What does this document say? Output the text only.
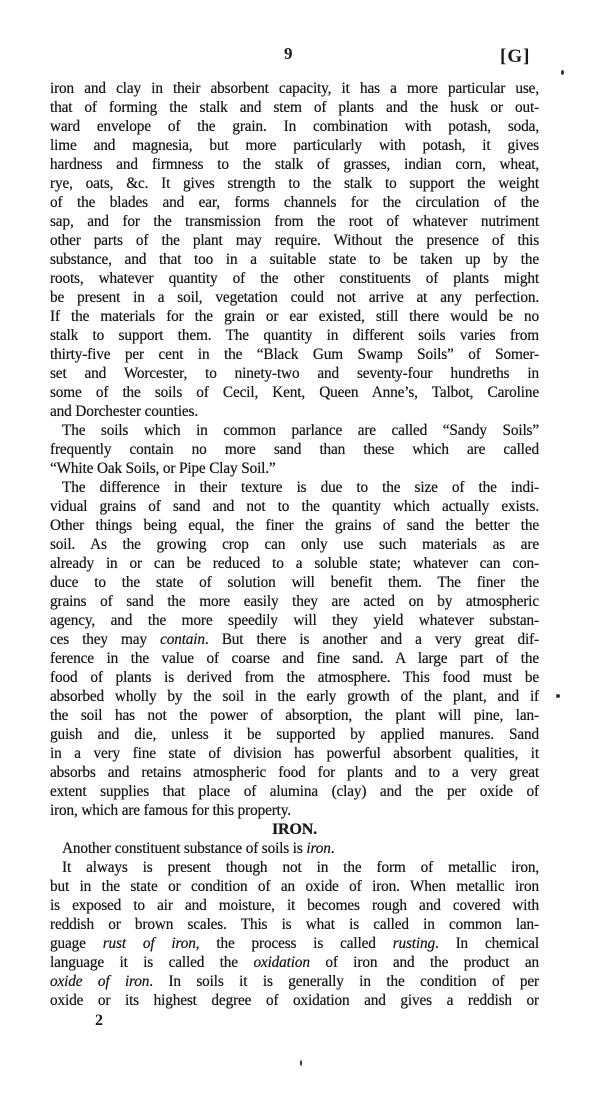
9	[G]
iron and clay in their absorbent capacity, it has a more particular use,
that of forming the stalk and stem of plants and the husk or out-
ward envelope of the grain. In combination with potash, soda,
lime and magnesia, but more particularly with potash, it gives
hardness and firmness to the stalk of grasses, indian corn, wheat,
rye, oats, &c. It gives strength to the stalk to support the weight
of the blades and ear, forms channels for the circulation of the
sap, and for the transmission from the root of whatever nutriment
other parts of the plant may require. Without the presence of this
substance, and that too in a suitable state to be taken up by the
roots, whatever quantity of the other constituents of plants might
be present in a soil, vegetation could not arrive at any perfection.
If the materials for the grain or ear existed, still there would be no
stalk to support them. The quantity in different soils varies from
thirty-five per cent in the “Black Gum Swamp Soils” of Somer-
set and Worcester, to ninety-two and seventy-four hundreths in
some of the soils of Cecil, Kent, Queen Anne’s, Talbot, Caroline
and Dorchester counties.
The soils which in common parlance are called “Sandy Soils”
frequently contain no more sand than these which are called
“White Oak Soils, or Pipe Clay Soil.”
The difference in their texture is due to the size of the indi-
vidual grains of sand and not to the quantity which actually exists.
Other things being equal, the finer the grains of sand the better the
soil. As the growing crop can only use such materials as are
already in or can be reduced to a soluble state; whatever can con-
duce to the state of solution will benefit them. The finer the
grains of sand the more easily they are acted on by atmospheric
agency, and the more speedily will they yield whatever substan-
ces they may contain. But there is another and a very great dif-
ference in the value of coarse and fine sand. A large part of the
food of plants is derived from the atmosphere. This food must be
absorbed wholly by the soil in the early growth of the plant, and if
the soil has not the power of absorption, the plant will pine, lan-
guish and die, unless it be supported by applied manures. Sand
in a very fine state of division has powerful absorbent qualities, it
absorbs and retains atmospheric food for plants and to a very great
extent supplies that place of alumina (clay) and the per oxide of
iron, which are famous for this property.
IRON.
Another constituent substance of soils is iron.
It always is present though not in the form of metallic iron,
but in the state or condition of an oxide of iron. When metallic iron
is exposed to air and moisture, it becomes rough and covered with
reddish or brown scales. This is what is called in common lan-
guage rust of iron, the process is called rusting. In chemical
language it is called the oxidation of iron and the product an
oxide of iron. In soils it is generally in the condition of per
oxide or its highest degree of oxidation and gives a reddish or
2
